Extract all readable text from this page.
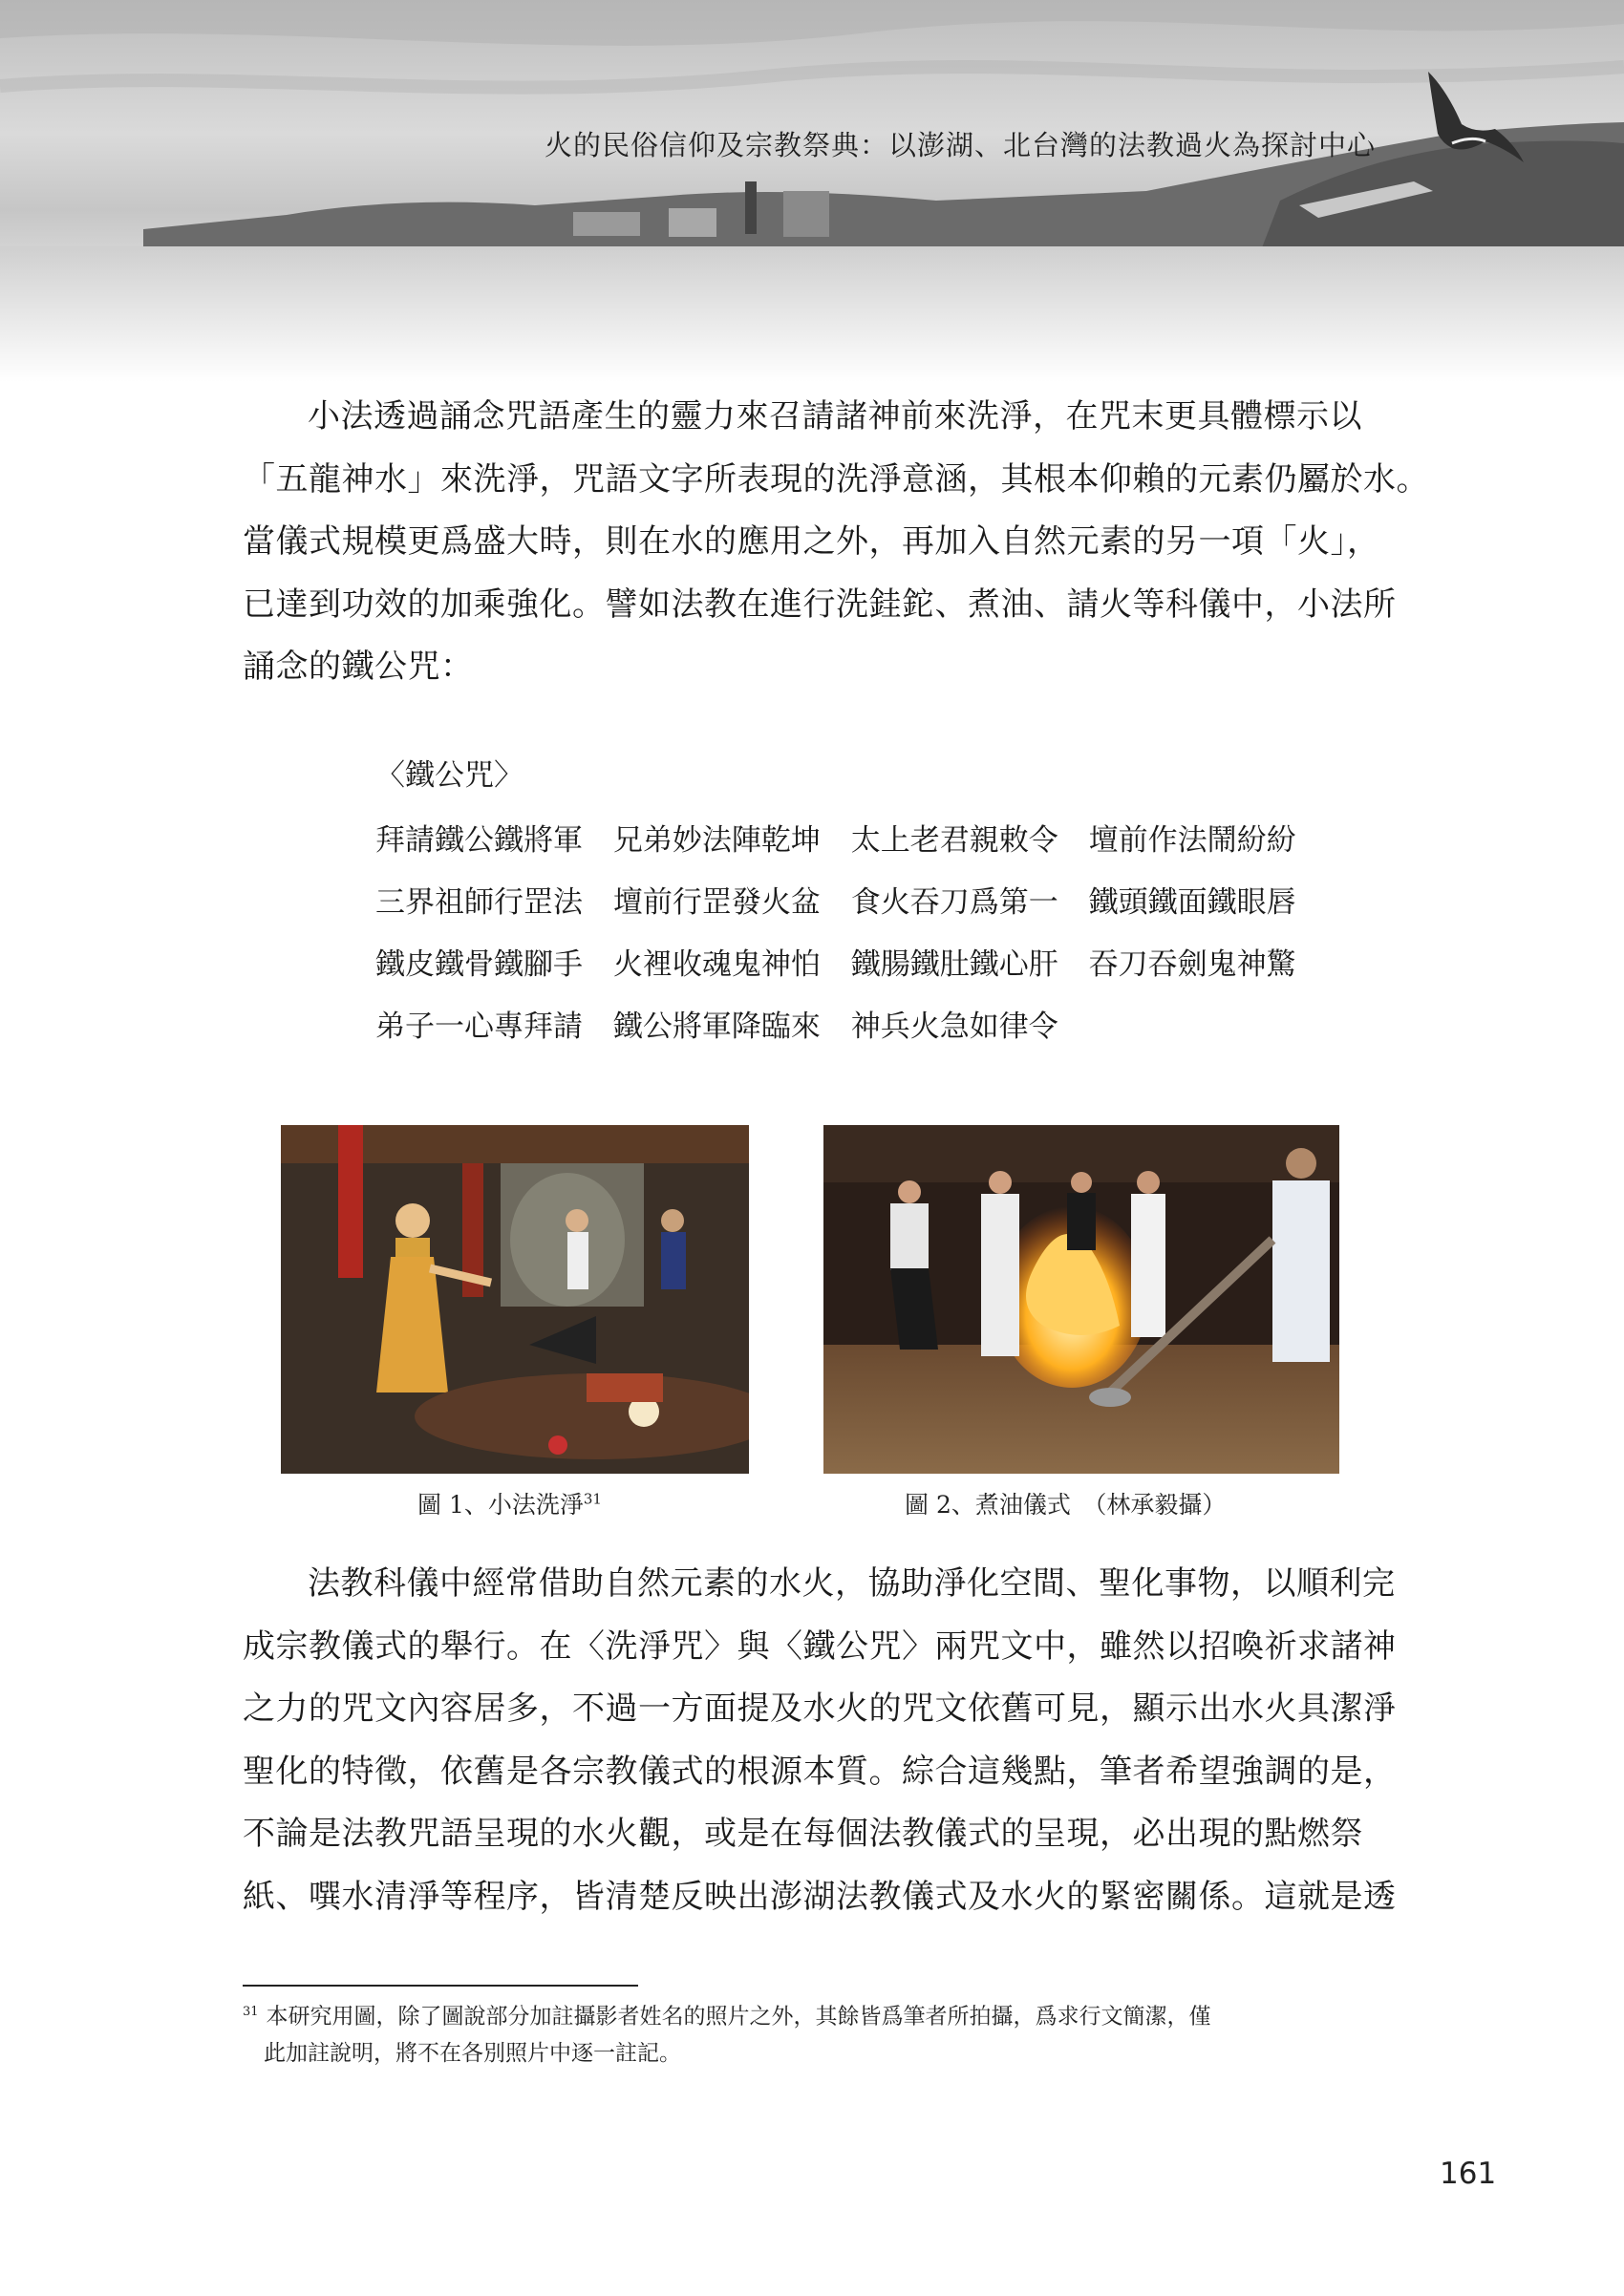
火的民俗信仰及宗教祭典：以澎湖、北台灣的法教過火為探討中心
小法透過誦念咒語產生的靈力來召請諸神前來洗淨，在咒末更具體標示以
「五龍神水」來洗淨，咒語文字所表現的洗淨意涵，其根本仰賴的元素仍屬於水。
當儀式規模更爲盛大時，則在水的應用之外，再加入自然元素的另一項「火」，
已達到功效的加乘強化。譬如法教在進行洗銈鉈、煮油、請火等科儀中，小法所
誦念的鐵公咒：
〈鐵公咒〉
拜請鐵公鐵將軍 兄弟妙法陣乾坤 太上老君親敕令 壇前作法鬧紛紛
三界祖師行罡法 壇前行罡發火盆 食火吞刀爲第一 鐵頭鐵面鐵眼唇
鐵皮鐵骨鐵腳手 火裡收魂鬼神怕 鐵腸鐵肚鐵心肝 吞刀吞劍鬼神驚
弟子一心專拜請 鐵公將軍降臨來 神兵火急如律令
圖 1、小法洗淨$^{31}$	圖 2、煮油儀式　（林承毅攝）
法教科儀中經常借助自然元素的水火，協助淨化空間、聖化事物，以順利完
成宗教儀式的舉行。在〈洗淨咒〉與〈鐵公咒〉兩咒文中，雖然以招喚祈求諸神
之力的咒文內容居多，不過一方面提及水火的咒文依舊可見，顯示出水火具潔淨
聖化的特徵，依舊是各宗教儀式的根源本質。綜合這幾點，筆者希望強調的是，
不論是法教咒語呈現的水火觀，或是在每個法教儀式的呈現，必出現的點燃祭
紙、噀水清淨等程序，皆清楚反映出澎湖法教儀式及水火的緊密關係。這就是透
$^{31}$ 本研究用圖，除了圖說部分加註攝影者姓名的照片之外，其餘皆爲筆者所拍攝，爲求行文簡潔，僅
此加註說明，將不在各別照片中逐一註記。
161
